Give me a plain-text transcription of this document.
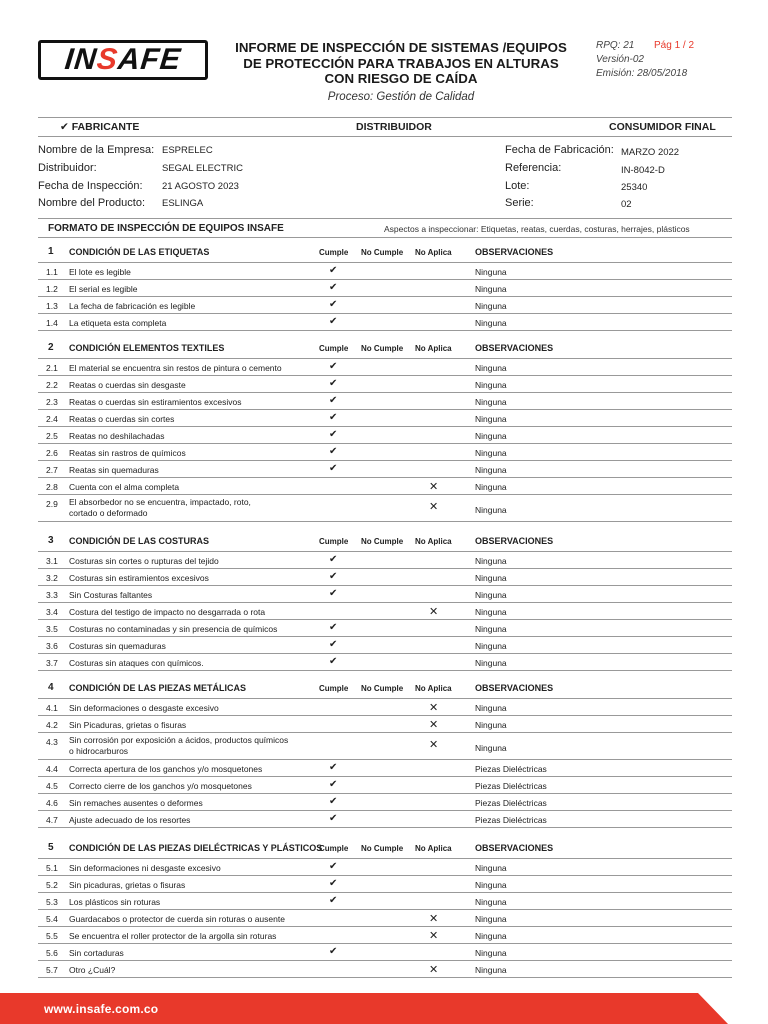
INSAFE	INFORME DE INSPECCIÓN DE SISTEMAS /EQUIPOS
DE PROTECCIÓN PARA TRABAJOS EN ALTURAS
CON RIESGO DE CAÍDA
Proceso: Gestión de Calidad
RPQ: 21	Pág 1 / 2
Versión-02
Emisión: 28/05/2018
✔ FABRICANTE	DISTRIBUIDOR	CONSUMIDOR FINAL
Nombre de la Empresa: ESPRELEC
Distribuidor:	SEGAL ELECTRIC
Fecha de Inspección: 21 AGOSTO 2023
Nombre del Producto: ESLINGA
Fecha de Fabricación: MARZO 2022
Referencia:	IN-8042-D
Lote:	25340
Serie:	02
FORMATO DE INSPECCIÓN DE EQUIPOS INSAFE	Aspectos a inspeccionar: Etiquetas, reatas, cuerdas, costuras, herrajes, plásticos
1 CONDICIÓN DE LAS ETIQUETAS	Cumple No Cumple No Aplica	OBSERVACIONES
1.1 El lote es legible	✔	Ninguna
1.2 El serial es legible	✔	Ninguna
1.3 La fecha de fabricación es legible	✔	Ninguna
1.4 La etiqueta esta completa	✔	Ninguna
2 CONDICIÓN ELEMENTOS TEXTILES	Cumple No Cumple No Aplica	OBSERVACIONES
2.1 El material se encuentra sin restos de pintura o cemento	✔	Ninguna
2.2 Reatas o cuerdas sin desgaste	✔	Ninguna
2.3 Reatas o cuerdas sin estiramientos excesivos	✔	Ninguna
2.4 Reatas o cuerdas sin cortes	✔	Ninguna
2.5 Reatas no deshilachadas	✔	Ninguna
2.6 Reatas sin rastros de químicos	✔	Ninguna
2.7 Reatas sin quemaduras	✔	Ninguna
2.8 Cuenta con el alma completa	✕	Ninguna
2.9 El absorbedor no se encuentra, impactado, roto,
cortado o deformado	✕	Ninguna
3 CONDICIÓN DE LAS COSTURAS	Cumple No Cumple No Aplica	OBSERVACIONES
3.1 Costuras sin cortes o rupturas del tejido	✔	Ninguna
3.2 Costuras sin estiramientos excesivos	✔	Ninguna
3.3 Sin Costuras faltantes	✔	Ninguna
3.4 Costura del testigo de impacto no desgarrada o rota	✕	Ninguna
3.5 Costuras no contaminadas y sin presencia de químicos	✔	Ninguna
3.6 Costuras sin quemaduras	✔	Ninguna
3.7 Costuras sin ataques con químicos.	✔	Ninguna
4 CONDICIÓN DE LAS PIEZAS METÁLICAS	Cumple No Cumple No Aplica	OBSERVACIONES
4.1 Sin deformaciones o desgaste excesivo	✕	Ninguna
4.2 Sin Picaduras, grietas o fisuras	✕	Ninguna
4.3 Sin corrosión por exposición a ácidos, productos químicos
o hidrocarburos	✕	Ninguna
4.4 Correcta apertura de los ganchos y/o mosquetones	✔	Piezas Dieléctricas
4.5 Correcto cierre de los ganchos y/o mosquetones	✔	Piezas Dieléctricas
4.6 Sin remaches ausentes o deformes	✔	Piezas Dieléctricas
4.7 Ajuste adecuado de los resortes	✔	Piezas Dieléctricas
5 CONDICIÓN DE LAS PIEZAS DIELÉCTRICAS Y PLÁSTICOS
Cumple No Cumple No Aplica	OBSERVACIONES
5.1 Sin deformaciones ni desgaste excesivo	✔	Ninguna
5.2 Sin picaduras, grietas o fisuras	✔	Ninguna
5.3 Los plásticos sin roturas	✔	Ninguna
5.4 Guardacabos o protector de cuerda sin roturas o ausente	✕	Ninguna
5.5 Se encuentra el roller protector de la argolla sin roturas	✕	Ninguna
5.6 Sin cortaduras	✔	Ninguna
5.7 Otro ¿Cuál?	✕	Ninguna
www.insafe.com.co
